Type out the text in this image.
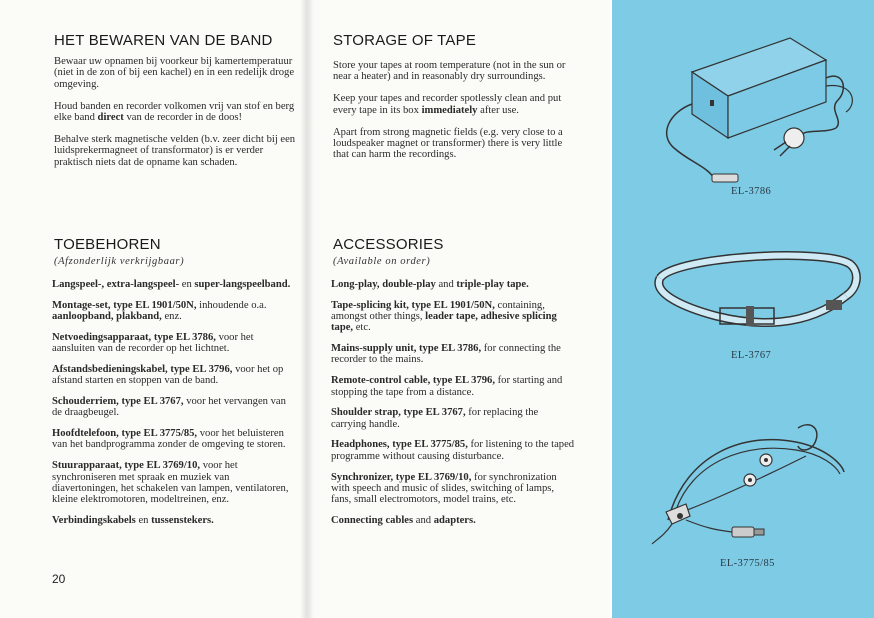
HET BEWAREN VAN DE BAND

Bewaar uw opnamen bij voorkeur bij kamertemperatuur (niet in de zon of bij een kachel) en in een redelijk droge omgeving.

Houd banden en recorder volkomen vrij van stof en berg elke band direct van de recorder in de doos!

Behalve sterk magnetische velden (b.v. zeer dicht bij een luidsprekermagneet of transformator) is er verder praktisch niets dat de opname kan schaden.

TOEBEHOREN
(Afzonderlijk verkrijgbaar)

Langspeel-, extra-langspeel- en super-langspeelband.

Montage-set, type EL 1901/50N, inhoudende o.a. aanloopband, plakband, enz.

Netvoedingsapparaat, type EL 3786, voor het aansluiten van de recorder op het lichtnet.

Afstandsbedieningskabel, type EL 3796, voor het op afstand starten en stoppen van de band.

Schouderriem, type EL 3767, voor het vervangen van de draagbeugel.

Hoofdtelefoon, type EL 3775/85, voor het beluisteren van het bandprogramma zonder de omgeving te storen.

Stuurapparaat, type EL 3769/10, voor het synchroniseren met spraak en muziek van diavertoningen, het schakelen van lampen, ventilatoren, kleine elektromotoren, modeltreinen, enz.

Verbindingskabels en tussenstekers.

20
STORAGE OF TAPE

Store your tapes at room temperature (not in the sun or near a heater) and in reasonably dry surroundings.

Keep your tapes and recorder spotlessly clean and put every tape in its box immediately after use.

Apart from strong magnetic fields (e.g. very close to a loudspeaker magnet or transformer) there is very little that can harm the recordings.

ACCESSORIES
(Available on order)

Long-play, double-play and triple-play tape.

Tape-splicing kit, type EL 1901/50N, containing, amongst other things, leader tape, adhesive splicing tape, etc.

Mains-supply unit, type EL 3786, for connecting the recorder to the mains.

Remote-control cable, type EL 3796, for starting and stopping the tape from a distance.

Shoulder strap, type EL 3767, for replacing the carrying handle.

Headphones, type EL 3775/85, for listening to the taped programme without causing disturbance.

Synchronizer, type EL 3769/10, for synchronization with speech and music of slides, switching of lamps, fans, small electromotors, model trains, etc.

Connecting cables and adapters.

EL-3786
EL-3767
EL-3775/85
